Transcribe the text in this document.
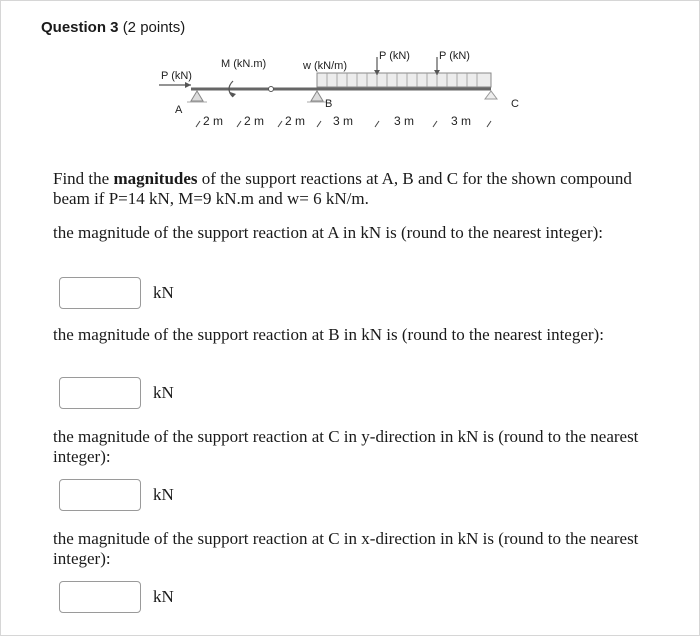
Question 3 (2 points)
P (kN)
M (kN.m)	w (kN/m)
P (kN)	P (kN)
A	B	C
2 m 2 m 2 m 3 m	3 m	3 m
Find the magnitudes of the support reactions at A, B and C for the shown compound beam if P=14 kN, M=9 kN.m and w= 6 kN/m.
the magnitude of the support reaction at A in kN is (round to the nearest integer):
kN
the magnitude of the support reaction at B in kN is (round to the nearest integer):
kN
the magnitude of the support reaction at C in y-direction in kN is (round to the nearest integer):
kN
the magnitude of the support reaction at C in x-direction in kN is (round to the nearest integer):
kN
